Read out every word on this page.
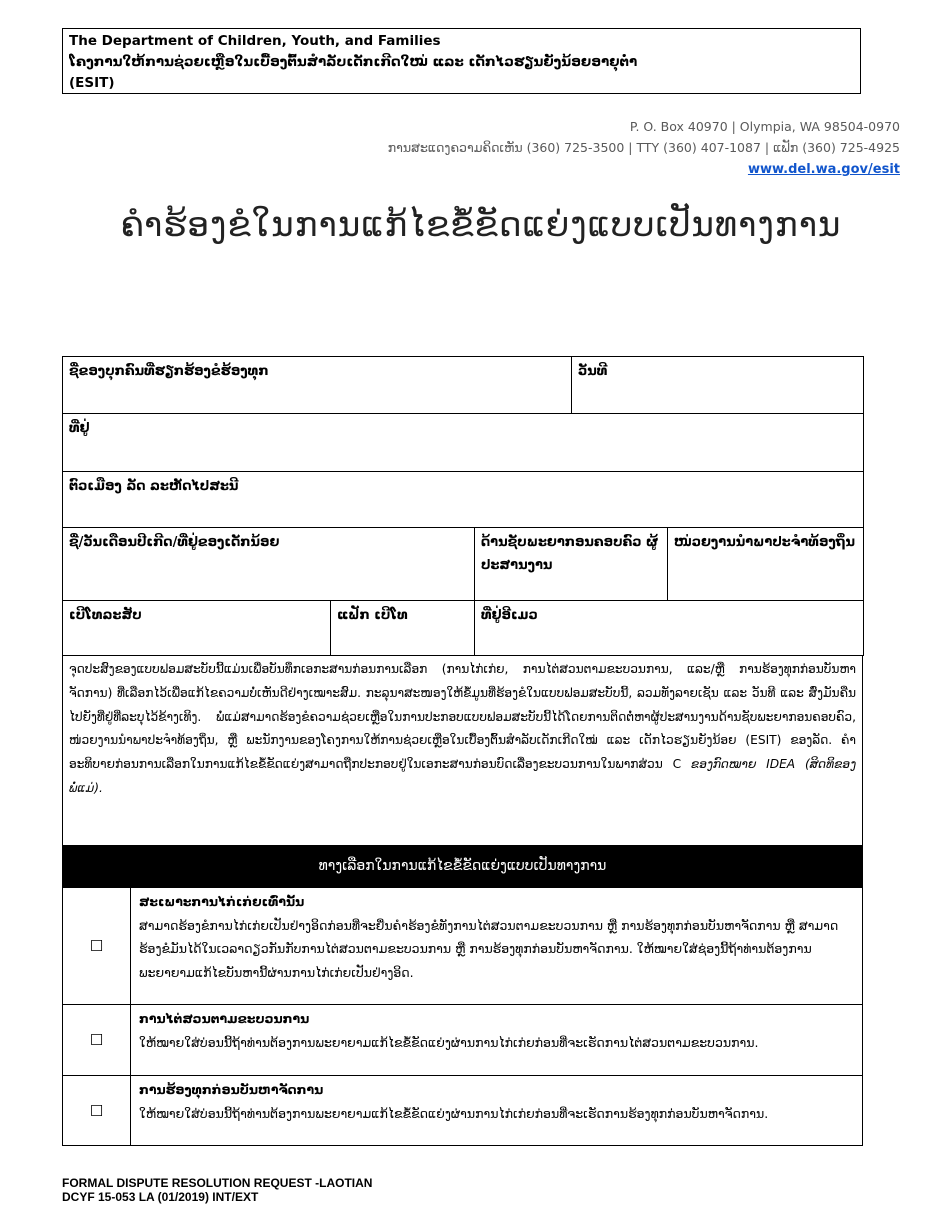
The Department of Children, Youth, and Families
ໂຄງການໃຫ້ການຊ່ວຍເຫຼືອໃນເບື້ອງຕົ້ນສຳລັບເດັກເກີດໃໝ່ ແລະ ເດັກໄວຮຽນຍັງນ້ອຍອາຍຸຕໍ່າ
(ESIT)
P. O. Box 40970 | Olympia, WA 98504-0970
ການສະແດງຄວາມຄິດເຫັນ (360) 725-3500 | TTY (360) 407-1087 | ແຟັກ (360) 725-4925
www.del.wa.gov/esit
ຄຳຮ້ອງຂໍໃນການແກ້ໄຂຂໍ້ຂັດແຍ່ງແບບເປັນທາງການ
ຊື່ຂອງບຸກຄົນທີ່ຮຽກຮ້ອງຂໍຮ້ອງທຸກ			ວັນທີ	
ທີ່ຢູ່				
ຕົວເມືອງ ລັດ ລະຫັດໄປສະນີ				
ຊື່/ວັນເດືອນປີເກີດ/ທີ່ຢູ່ຂອງເດັກນ້ອຍ		ດ້ານຊັບພະຍາກອນຄອບຄົວ ຜູ້ປະສານງານ		ໜ່ວຍງານນຳພາປະຈຳທ້ອງຖິ່ນ
ເບີໂທລະສັບ	ແຟັກ ເບີໂທ	ທີ່ຢູ່ອີເມວ		
ຈຸດປະສົງຂອງແບບຟອມສະບັບນີ້ແມ່ນເພື່ອບັນທຶກເອກະສານກ່ອນການເລືອກ (ການໄກ່ເກ່ຍ, ການໄຕ່ສວນຕາມຂະບວນການ, ແລະ/ຫຼື ການຮ້ອງທຸກກ່ອນບັນຫາຈັດການ) ທີ່ເລືອກໄວ້ເພື່ອແກ້ໄຂຄວາມບໍ່ເຫັນດີຢ່າງເໝາະສົມ. ກະລຸນາສະໜອງໃຫ້ຂໍ້ມູນທີ່ຮ້ອງຂໍໃນແບບຟອມສະບັບນີ້, ລວມທັງລາຍເຊັນ ແລະ ວັນທີ ແລະ ສົ່ງມັນຄືນໄປຍັງທີ່ຢູ່ທີ່ລະບຸໄວ້ຂ້າງເທິງ. ພໍ່ແມ່ສາມາດຮ້ອງຂໍຄວາມຊ່ວຍເຫຼືອໃນການປະກອບແບບຟອມສະບັບນີ້ໄດ້ໂດຍການຕິດຕໍ່ຫາຜູ້ປະສານງານດ້ານຊັບພະຍາກອນຄອບຄົວ, ໜ່ວຍງານນຳພາປະຈຳທ້ອງຖິ່ນ, ຫຼື ພະນັກງານຂອງໂຄງການໃຫ້ການຊ່ວຍເຫຼືອໃນເບື້ອງຕົ້ນສຳລັບເດັກເກີດໃໝ່ ແລະ ເດັກໄວຮຽນຍັງນ້ອຍ (ESIT) ຂອງລັດ. ຄຳອະທິບາຍກ່ອນການເລືອກໃນການແກ້ໄຂຂໍ້ຂັດແຍ່ງສາມາດຖືກປະກອບຢູ່ໃນເອກະສານກ່ອນບົດເລື່ອງຂະບວນການໃນພາກສ່ວນ C ຂອງກົດໝາຍ IDEA (ສິດທິຂອງພໍ່ແມ່).
ທາງເລືອກໃນການແກ້ໄຂຂໍ້ຂັດແຍ່ງແບບເປັນທາງການ
☐	ສະເພາະການໄກ່ເກ່ຍເທົ່ານັ້ນ
ສາມາດຮ້ອງຂໍການໄກ່ເກ່ຍເປັນຢ່າງອິດກ່ອນທີ່ຈະຍື່ນຄຳຮ້ອງຂໍທັງການໄຕ່ສວນຕາມຂະບວນການ ຫຼື ການຮ້ອງທຸກກ່ອນບັນຫາຈັດການ ຫຼື ສາມາດຮ້ອງຂໍມັນໄດ້ໃນເວລາດຽວກັນກັບການໄຕ່ສວນຕາມຂະບວນການ ຫຼື ການຮ້ອງທຸກກ່ອນບັນຫາຈັດການ. ໃຫ້ໝາຍໃສ່ຊ່ອງນີ້ຖ້າທ່ານຕ້ອງການພະຍາຍາມແກ້ໄຂບັນຫານີ້ຜ່ານການໄກ່ເກ່ຍເປັນຢ່າງອິດ.

☐	ການໄຕ່ສວນຕາມຂະບວນການ
ໃຫ້ໝາຍໃສ່ບ່ອນນີ້ຖ້າທ່ານຕ້ອງການພະຍາຍາມແກ້ໄຂຂໍ້ຂັດແຍ່ງຜ່ານການໄກ່ເກ່ຍກ່ອນທີ່ຈະເຮັດການໄຕ່ສວນຕາມຂະບວນການ.

☐	ການຮ້ອງທຸກກ່ອນບັນຫາຈັດການ
ໃຫ້ໝາຍໃສ່ບ່ອນນີ້ຖ້າທ່ານຕ້ອງການພະຍາຍາມແກ້ໄຂຂໍ້ຂັດແຍ່ງຜ່ານການໄກ່ເກ່ຍກ່ອນທີ່ຈະເຮັດການຮ້ອງທຸກກ່ອນບັນຫາຈັດການ.
FORMAL DISPUTE RESOLUTION REQUEST -LAOTIAN
DCYF 15-053 LA (01/2019) INT/EXT
